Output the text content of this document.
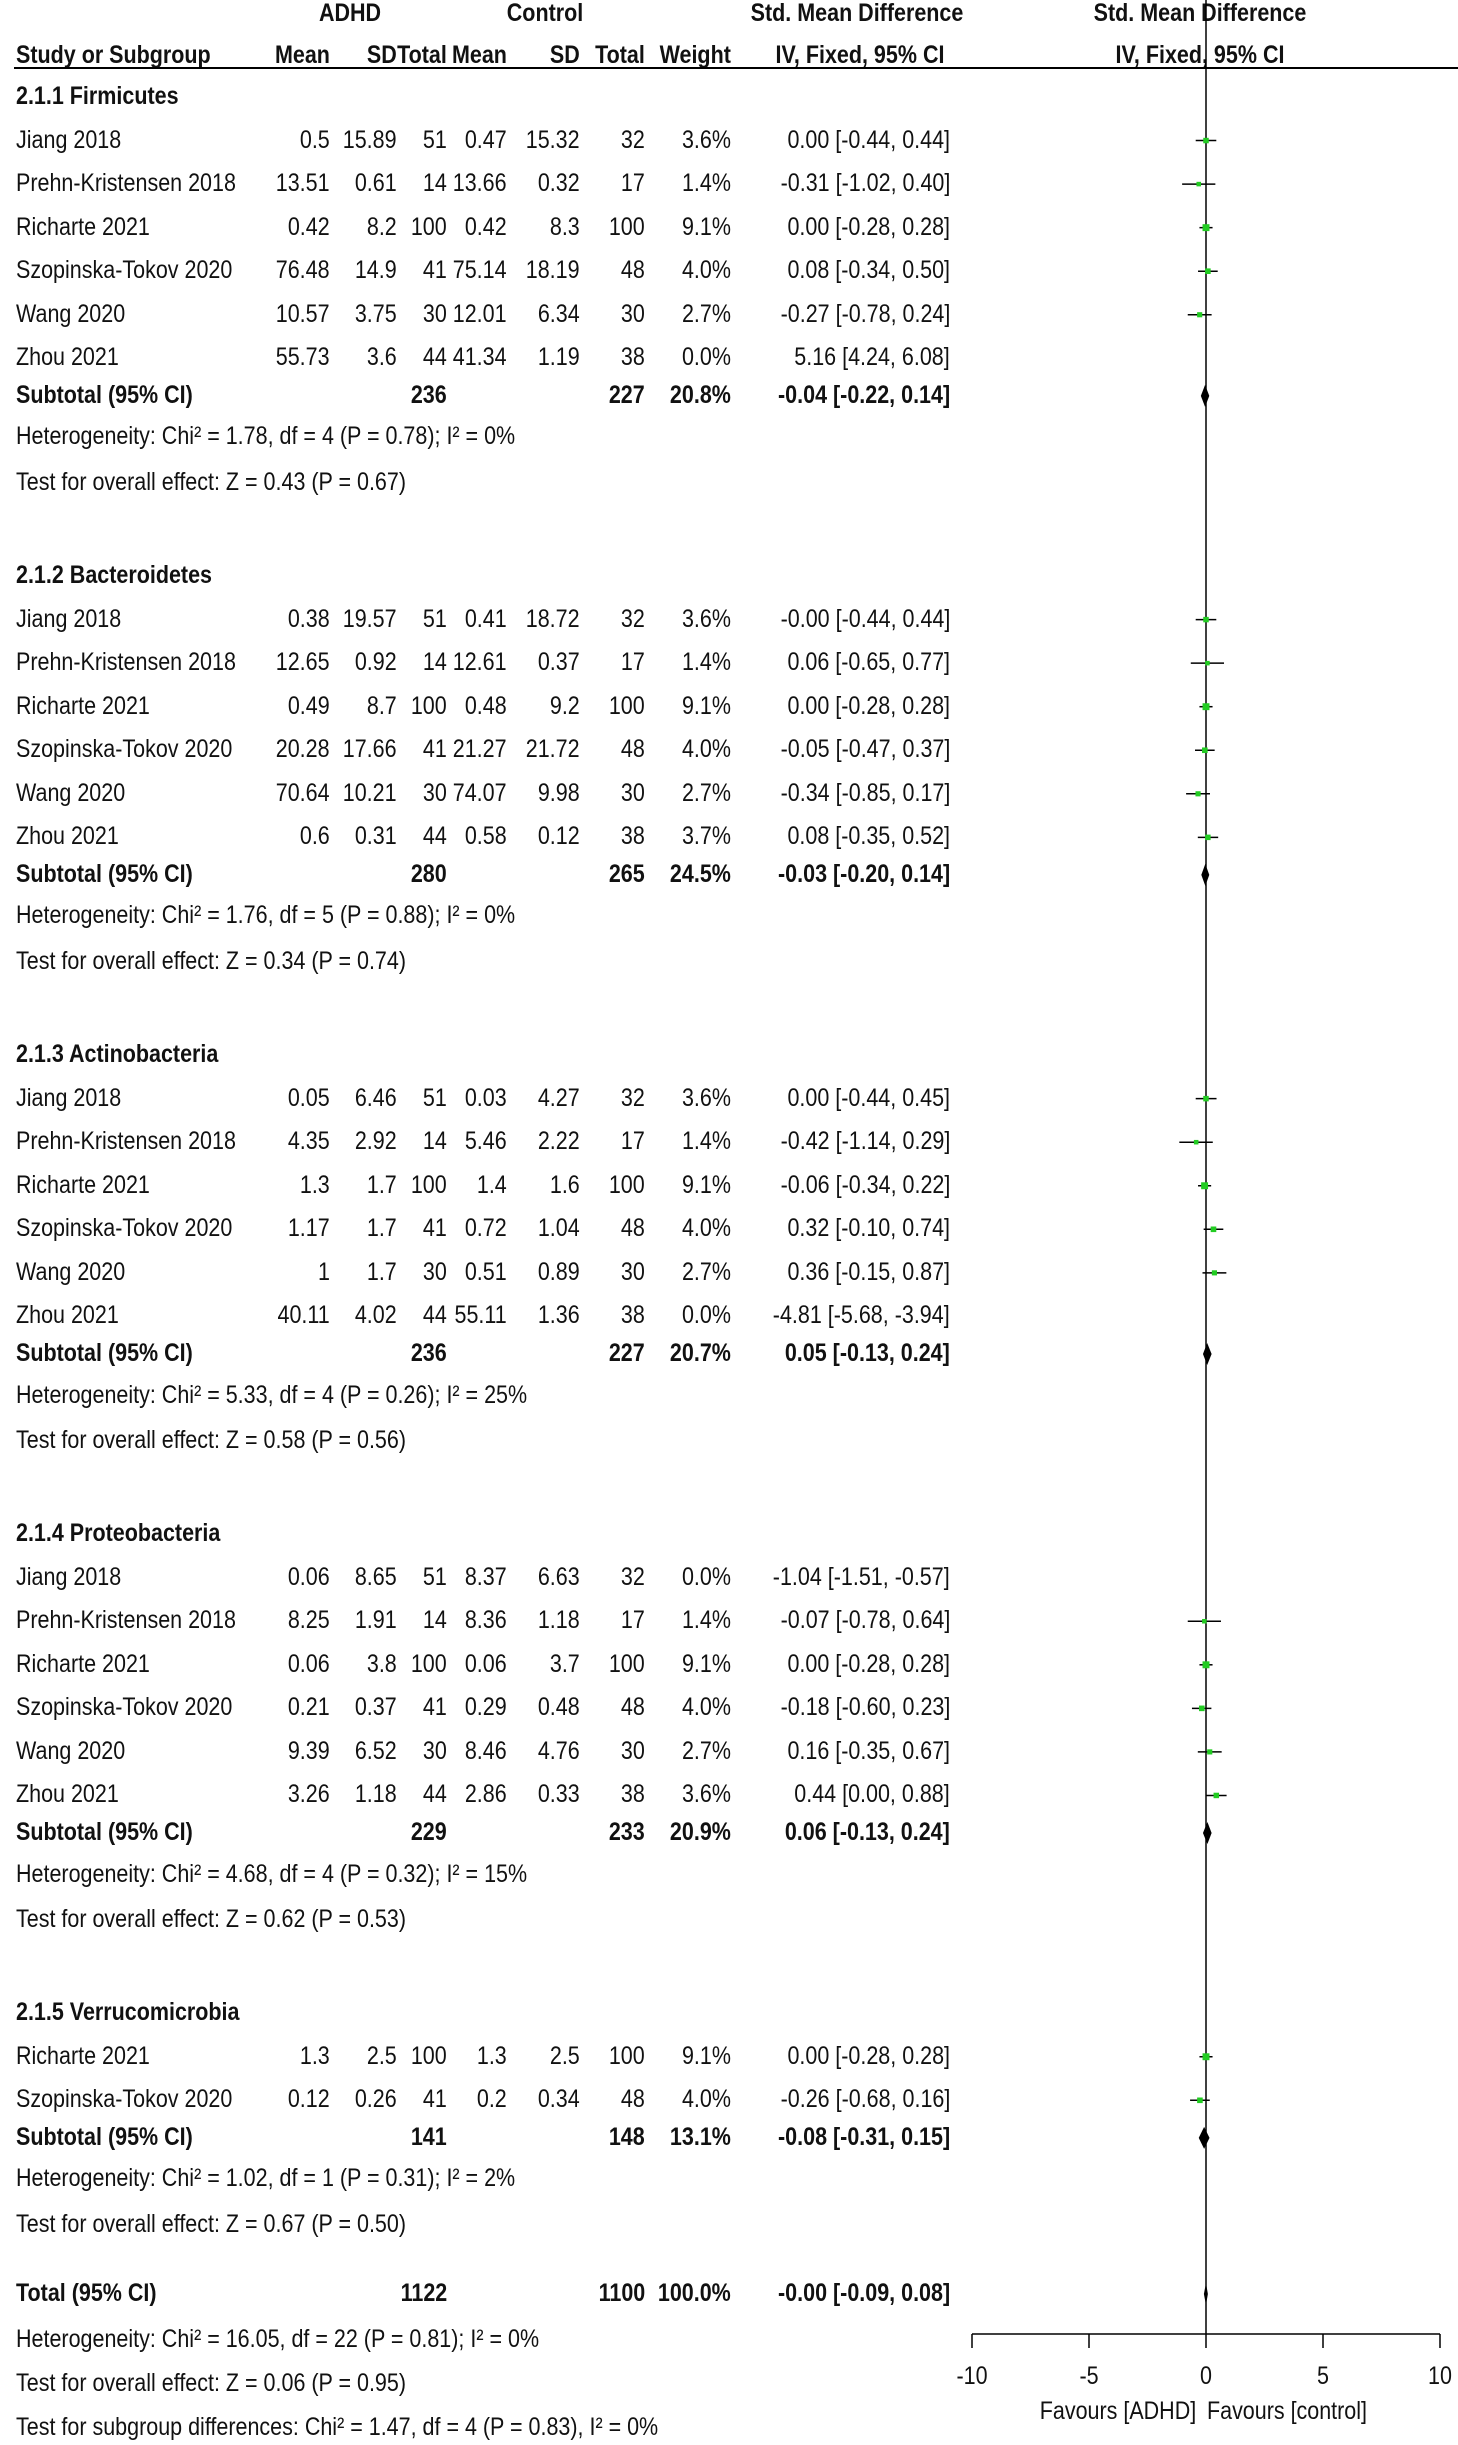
ADHD	Control	Std. Mean Difference	Std. Mean Difference
Study or Subgroup	Mean SD Total Mean SD Total Weight	IV, Fixed, 95% CI	IV, Fixed, 95% CI
2.1.1 Firmicutes
Jiang 2018	0.5 15.89 51 0.47 15.32 32 3.6% 0.00 [-0.44, 0.44]
Prehn-Kristensen 2018 13.51 0.61 14 13.66 0.32 17 1.4% -0.31 [-1.02, 0.40]
Richarte 2021	0.42 8.2 100 0.42 8.3 100 9.1% 0.00 [-0.28, 0.28]
Szopinska-Tokov 2020 76.48 14.9 41 75.14 18.19 48 4.0% 0.08 [-0.34, 0.50]
Wang 2020	10.57 3.75 30 12.01 6.34 30 2.7% -0.27 [-0.78, 0.24]
Zhou 2021	55.73 3.6 44 41.34 1.19 38 0.0%	5.16 [4.24, 6.08]
Subtotal (95% CI)	236	227 20.8% -0.04 [-0.22, 0.14]
Heterogeneity: Chi² = 1.78, df = 4 (P = 0.78); I² = 0%
Test for overall effect: Z = 0.43 (P = 0.67)
2.1.2 Bacteroidetes
Jiang 2018	0.38 19.57 51 0.41 18.72 32 3.6% -0.00 [-0.44, 0.44]
Prehn-Kristensen 2018 12.65 0.92 14 12.61 0.37 17 1.4% 0.06 [-0.65, 0.77]
Richarte 2021	0.49 8.7 100 0.48 9.2 100 9.1% 0.00 [-0.28, 0.28]
Szopinska-Tokov 2020 20.28 17.66 41 21.27 21.72 48 4.0% -0.05 [-0.47, 0.37]
Wang 2020	70.64 10.21 30 74.07 9.98 30 2.7% -0.34 [-0.85, 0.17]
Zhou 2021	0.6 0.31 44 0.58 0.12 38 3.7% 0.08 [-0.35, 0.52]
Subtotal (95% CI)	280	265 24.5% -0.03 [-0.20, 0.14]
Heterogeneity: Chi² = 1.76, df = 5 (P = 0.88); I² = 0%
Test for overall effect: Z = 0.34 (P = 0.74)
2.1.3 Actinobacteria
Jiang 2018	0.05 6.46 51 0.03 4.27 32 3.6% 0.00 [-0.44, 0.45]
Prehn-Kristensen 2018 4.35 2.92 14 5.46 2.22 17 1.4% -0.42 [-1.14, 0.29]
Richarte 2021	1.3 1.7 100 1.4 1.6 100 9.1% -0.06 [-0.34, 0.22]
Szopinska-Tokov 2020 1.17 1.7 41 0.72 1.04 48 4.0% 0.32 [-0.10, 0.74]
Wang 2020	1 1.7 30 0.51 0.89 30 2.7% 0.36 [-0.15, 0.87]
Zhou 2021	40.11 4.02 44 55.11 1.36 38 0.0% -4.81 [-5.68, -3.94]
Subtotal (95% CI)	236	227 20.7% 0.05 [-0.13, 0.24]
Heterogeneity: Chi² = 5.33, df = 4 (P = 0.26); I² = 25%
Test for overall effect: Z = 0.58 (P = 0.56)
2.1.4 Proteobacteria
Jiang 2018	0.06 8.65 51 8.37 6.63 32 0.0% -1.04 [-1.51, -0.57]
Prehn-Kristensen 2018 8.25 1.91 14 8.36 1.18 17 1.4% -0.07 [-0.78, 0.64]
Richarte 2021	0.06 3.8 100 0.06 3.7 100 9.1% 0.00 [-0.28, 0.28]
Szopinska-Tokov 2020 0.21 0.37 41 0.29 0.48 48 4.0% -0.18 [-0.60, 0.23]
Wang 2020	9.39 6.52 30 8.46 4.76 30 2.7% 0.16 [-0.35, 0.67]
Zhou 2021	3.26 1.18 44 2.86 0.33 38 3.6%	0.44 [0.00, 0.88]
Subtotal (95% CI)	229	233 20.9% 0.06 [-0.13, 0.24]
Heterogeneity: Chi² = 4.68, df = 4 (P = 0.32); I² = 15%
Test for overall effect: Z = 0.62 (P = 0.53)
2.1.5 Verrucomicrobia
Richarte 2021	1.3 2.5 100 1.3 2.5 100 9.1% 0.00 [-0.28, 0.28]
Szopinska-Tokov 2020 0.12 0.26 41 0.2 0.34 48 4.0% -0.26 [-0.68, 0.16]
Subtotal (95% CI)	141	148 13.1% -0.08 [-0.31, 0.15]
Heterogeneity: Chi² = 1.02, df = 1 (P = 0.31); I² = 2%
Test for overall effect: Z = 0.67 (P = 0.50)
Total (95% CI)	1122	1100 100.0% -0.00 [-0.09, 0.08]
Heterogeneity: Chi² = 16.05, df = 22 (P = 0.81); I² = 0%
Test for overall effect: Z = 0.06 (P = 0.95)
Test for subgroup differences: Chi² = 1.47, df = 4 (P = 0.83), I² = 0%
-10	-5	0	5	10
Favours [ADHD] Favours [control]
